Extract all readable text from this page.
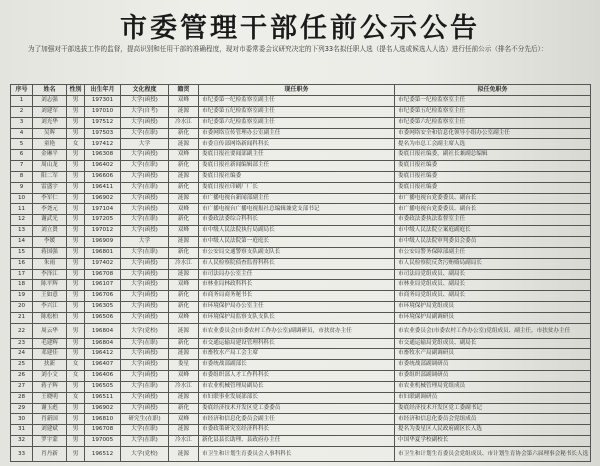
市委管理干部任前公示公告
为了加强对干部选拔工作的监督，提高识别和任用干部的准确程度，现对市委常委会议研究决定的下列33名拟任职人选（提名人选或候选人人选）进行任前公示（排名不分先后）：
序号	姓名	性别	出生年月	文化程度	籍贯	现任职务	拟任免职务
1	刘志强	男	197301	大学(函授)	双峰	市纪委第一纪检监察室副主任	市纪委第一纪检监察室主任
2	刘建军	男	197010	大学(自考)	涟源	市纪委第五纪检监察室副主任	市纪委第五纪检监察室主任
3	刘光华	男	197512	大学(函授)	冷水江	市纪委第六纪检监察室副主任	市纪委第六纪检监察室主任
4	吴晖	男	197503	大学(在职)	新化	市委网络宣传管理办公室副主任	市委网络安全和信息化领导小组办公室副主任
5	童艳	女	197412	大学	涟源	市委宣传部网络新闻科科长	提名为市总工会副主席人选
6	金琳平	男	196308	大学(函授)	双峰	娄底日报社要闻部副主任	娄底日报社编委，副社长兼副总编辑
7	周山龙	男	196402	大学(在职)	新化	娄底日报社新闻编辑部主任	娄底日报社编委
8	阳二军	男	196606	大学(函授)	涟源	娄底日报社编委	娄底日报社编委
9	雷盛宇	男	196411	大学(在职)	新化	娄底日报社印刷厂厂长	娄底日报社编委
10	李军仁	男	196902	大学(函授)	涟源	市广播电视台新闻部副主任	市广播电视台党委委员、副台长
11	李尧元	男	197104	大学(函授)	双峰	市广播电视台广播电视报社总编辑兼党支部书记	市广播电视台党委委员、副台长
12	谢武光	男	197205	大学(在职)	新化	市委政法委综合科科长	市委政法委执法监督室主任
13	刘立贤	男	197012	大学(函授)	双峰	市中级人民法院执行局副局长	市中级人民法院立案庭副庭长
14	李媛	男	196909	大学	涟源	市中级人民法院第一庭庭长	市中级人民法院审判委员会委员
15	蒋国强	男	196801	大学(在职)	新化	市公安局交通警察支队副支队长	市公安局警务保障部副主任
16	朱雨	男	197402	大学(函授)	冷水江	市人民检察院侦查监督科科长	市人民检察院反贪污贿赂局副局长
17	李泽江	男	196708	大学(函授)	涟源	市司法局办公室主任	市司法局党组成员、副局长
18	陈平辉	男	196107	大学(函授)	双峰	市林业局林政科科长	市林业局党组成员、副局长
19	王如意	男	196706	大学(函授)	新化	市商务局商务秘书长	市商务局党组成员、副局长
20	李兴江	男	196305	大学(函授)	新化	市环境保护局办公室主任	市环境保护局党组成员
21	陈松柏	男	196506	大学(函授)	双峰	市环境保护局监察支队支队长	市环境保护局副调研员
22	周云华	男	196804	大学(党校)	涟源	市农业委员会(市委农村工作办公室)副调研员，市扶贫办主任	市农业委员会(市委农村工作办公室)党组成员、副主任，市扶贫办主任
23	毛建辉	男	196804	大学(在职)	新化	市交通运输局建设管理科科长	市交通运输局党组成员、副局长
24	邓建佳	男	196412	大学(函授)	涟源	市畜牧水产局工会主席	市畜牧水产局副调研员
25	扶新	女	196407	大学(函授)	娄星	市委统战部副部长	市委统战部副调研员
26	刘小文	女	196406	大学(函授)	双峰	市委组织部人才工作科科长	市委组织部副调研员
27	蒋子辉	男	196505	大学(在职)	冷水江	市农业机械管理局副局长	市农业机械管理局党组成员
28	王晓明	女	196511	大学(函授)	涟源	市妇联事业发展部部长	市妇联副调研员
29	谢玉彪	男	196902	大学(函授)	新化	娄底经济技术开发区党工委委员	娄底经济技术开发区党工委副书记
30	肖新国	男	196810	研究生(在职)	双峰	市经济和信息化委员会副主任	市经济和信息化委员会党组成员
31	刘建斌	男	196708	大学(在职)	涟源	市委政策研究室经济科科长	提名为娄星区人民政府副区长人选
32	罗宇蒙	男	197005	大学(在职)	冷水江	新化县县长助理、县政府办主任	中国华夏学校副校长
33	肖丹新	男	196512	大学(党校)	涟源	市卫生和计划生育委员会人事科科长	市卫生和计划生育委员会党组成员、市计划生育协会第六届理事会秘书长人选
